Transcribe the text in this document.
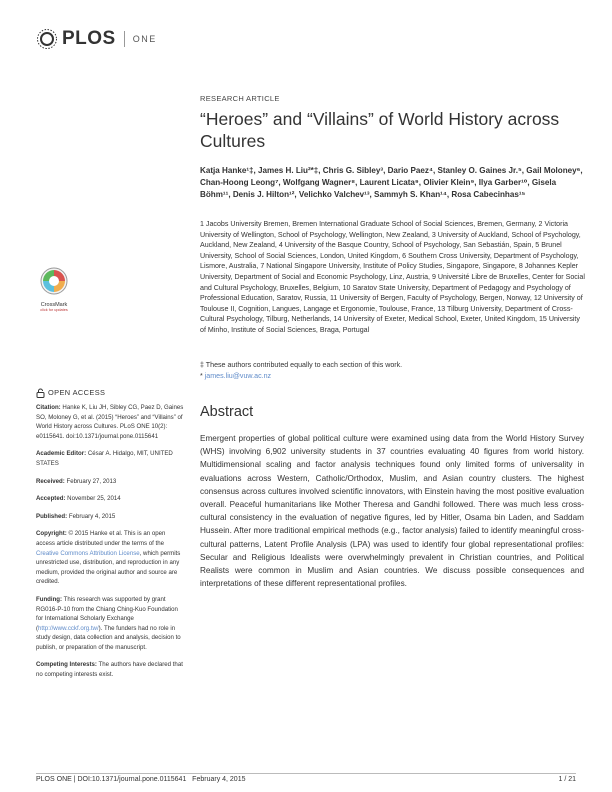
PLOS ONE
RESEARCH ARTICLE
“Heroes” and “Villains” of World History across Cultures
Katja Hanke¹‡, James H. Liu²*‡, Chris G. Sibley³, Dario Paez⁴, Stanley O. Gaines Jr.⁵, Gail Moloney⁶, Chan-Hoong Leong⁷, Wolfgang Wagner⁸, Laurent Licata⁹, Olivier Klein⁹, Ilya Garber¹⁰, Gisela Böhm¹¹, Denis J. Hilton¹², Velichko Valchev¹³, Sammyh S. Khan¹⁴, Rosa Cabecinhas¹⁵
1 Jacobs University Bremen, Bremen International Graduate School of Social Sciences, Bremen, Germany, 2 Victoria University of Wellington, School of Psychology, Wellington, New Zealand, 3 University of Auckland, School of Psychology, Auckland, New Zealand, 4 University of the Basque Country, School of Psychology, San Sebastián, Spain, 5 Brunel University, School of Social Sciences, London, United Kingdom, 6 Southern Cross University, Department of Psychology, Lismore, Australia, 7 National Singapore University, Institute of Policy Studies, Singapore, Singapore, 8 Johannes Kepler University, Department of Social and Economic Psychology, Linz, Austria, 9 Université Libre de Bruxelles, Center for Social and Cultural Psychology, Bruxelles, Belgium, 10 Saratov State University, Department of Pedagogy and Psychology of Professional Education, Saratov, Russia, 11 University of Bergen, Faculty of Psychology, Bergen, Norway, 12 University of Toulouse II, Cognition, Langues, Langage et Ergonomie, Toulouse, France, 13 Tilburg University, Department of Cross-Cultural Psychology, Tilburg, Netherlands, 14 University of Exeter, Medical School, Exeter, United Kingdom, 15 University of Minho, Institute of Social Sciences, Braga, Portugal
‡ These authors contributed equally to each section of this work.
* james.liu@vuw.ac.nz
Abstract
Emergent properties of global political culture were examined using data from the World History Survey (WHS) involving 6,902 university students in 37 countries evaluating 40 figures from world history. Multidimensional scaling and factor analysis techniques found only limited forms of universality in evaluations across Western, Catholic/Orthodox, Muslim, and Asian country clusters. The highest consensus across cultures involved scientific innovators, with Einstein having the most positive evaluation overall. Peaceful humanitarians like Mother Theresa and Gandhi followed. There was much less cross-cultural consistency in the evaluation of negative figures, led by Hitler, Osama bin Laden, and Saddam Hussein. After more traditional empirical methods (e.g., factor analysis) failed to identify meaningful cross-cultural patterns, Latent Profile Analysis (LPA) was used to identify four global representational profiles: Secular and Religious Idealists were overwhelmingly prevalent in Christian countries, and Political Realists were common in Muslim and Asian countries. We discuss possible consequences and interpretations of these different representational profiles.
CrossMark
click for updates
OPEN ACCESS

Citation: Hanke K, Liu JH, Sibley CG, Paez D, Gaines SO, Moloney G, et al. (2015) “Heroes” and “Villains” of World History across Cultures. PLoS ONE 10(2): e0115641. doi:10.1371/journal.pone.0115641

Academic Editor: César A. Hidalgo, MIT, UNITED STATES

Received: February 27, 2013

Accepted: November 25, 2014

Published: February 4, 2015

Copyright: © 2015 Hanke et al. This is an open access article distributed under the terms of the Creative Commons Attribution License, which permits unrestricted use, distribution, and reproduction in any medium, provided the original author and source are credited.

Funding: This research was supported by grant RG016-P-10 from the Chiang Ching-Kuo Foundation for International Scholarly Exchange (http://www.cckf.org.tw/). The funders had no role in study design, data collection and analysis, decision to publish, or preparation of the manuscript.

Competing Interests: The authors have declared that no competing interests exist.

PLOS ONE | DOI:10.1371/journal.pone.0115641   February 4, 2015	1 / 21
